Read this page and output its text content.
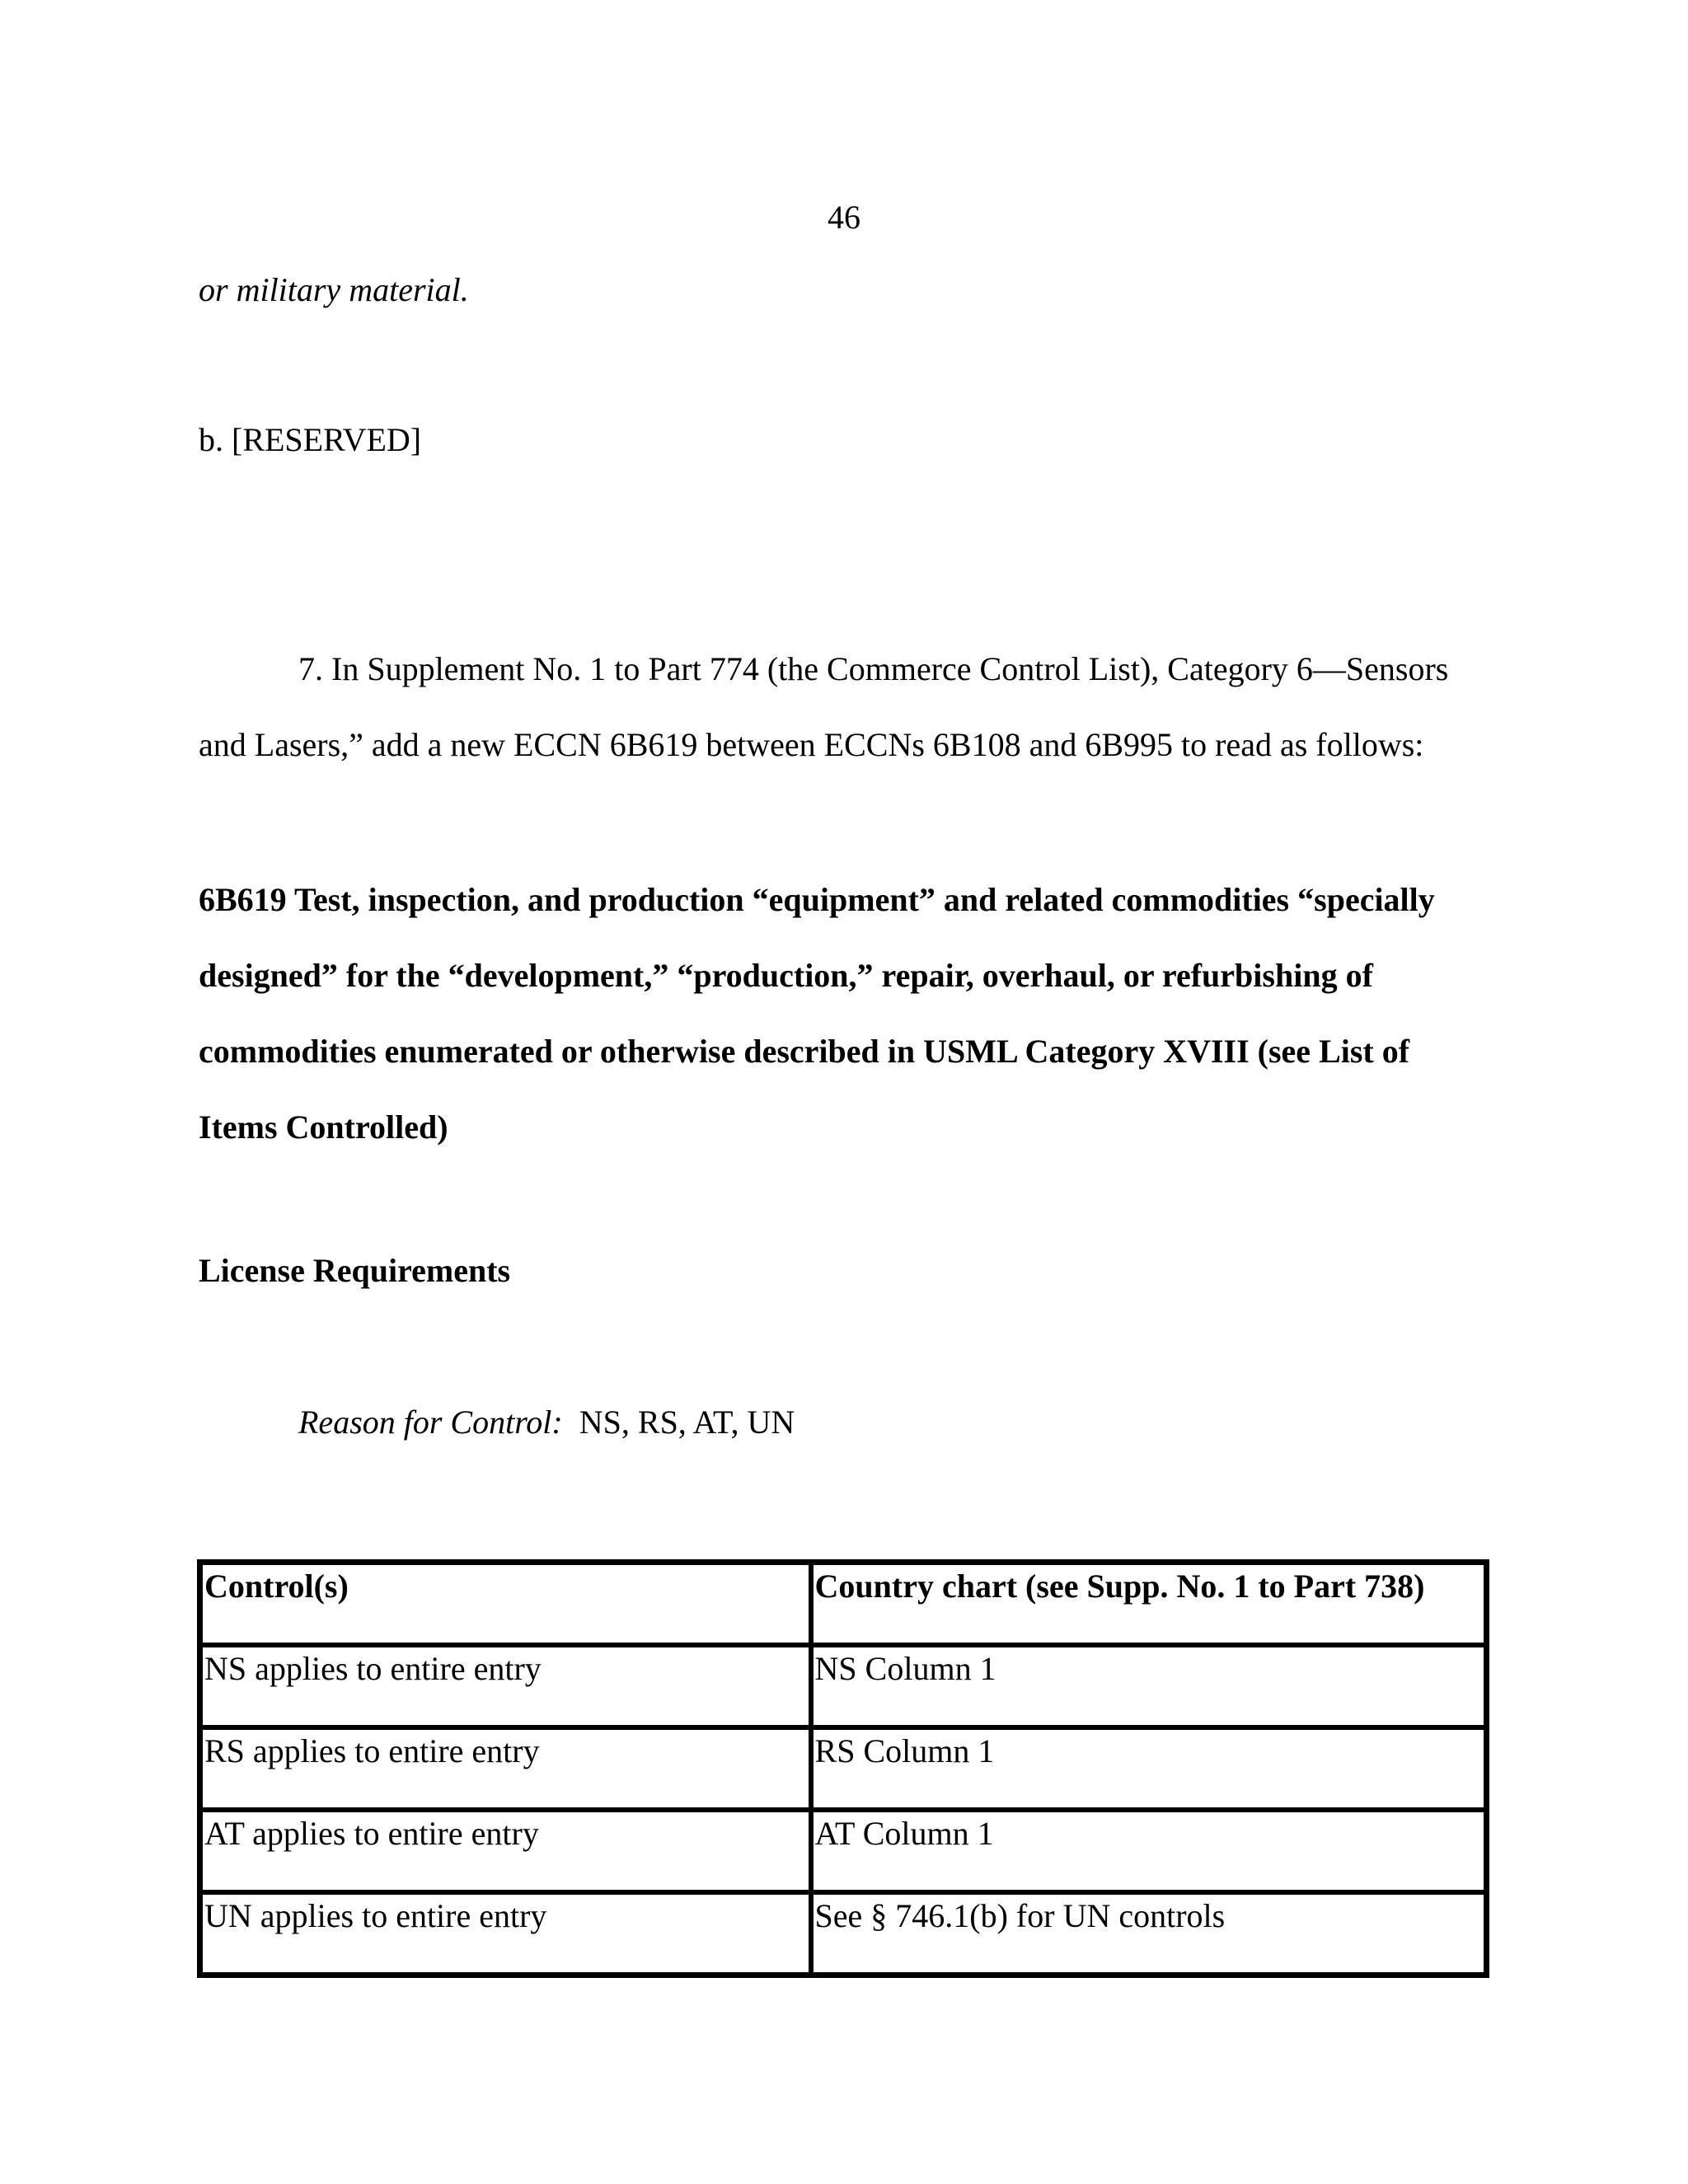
46
or military material.
b. [RESERVED]
7. In Supplement No. 1 to Part 774 (the Commerce Control List), Category 6—Sensors
and Lasers,” add a new ECCN 6B619 between ECCNs 6B108 and 6B995 to read as follows:
6B619 Test, inspection, and production “equipment” and related commodities “specially
designed” for the “development,” “production,” repair, overhaul, or refurbishing of
commodities enumerated or otherwise described in USML Category XVIII (see List of
Items Controlled)
License Requirements
Reason for Control: NS, RS, AT, UN
Control(s)	Country chart (see Supp. No. 1 to Part 738)
NS applies to entire entry	NS Column 1
RS applies to entire entry	RS Column 1
AT applies to entire entry	AT Column 1
UN applies to entire entry	See § 746.1(b) for UN controls
